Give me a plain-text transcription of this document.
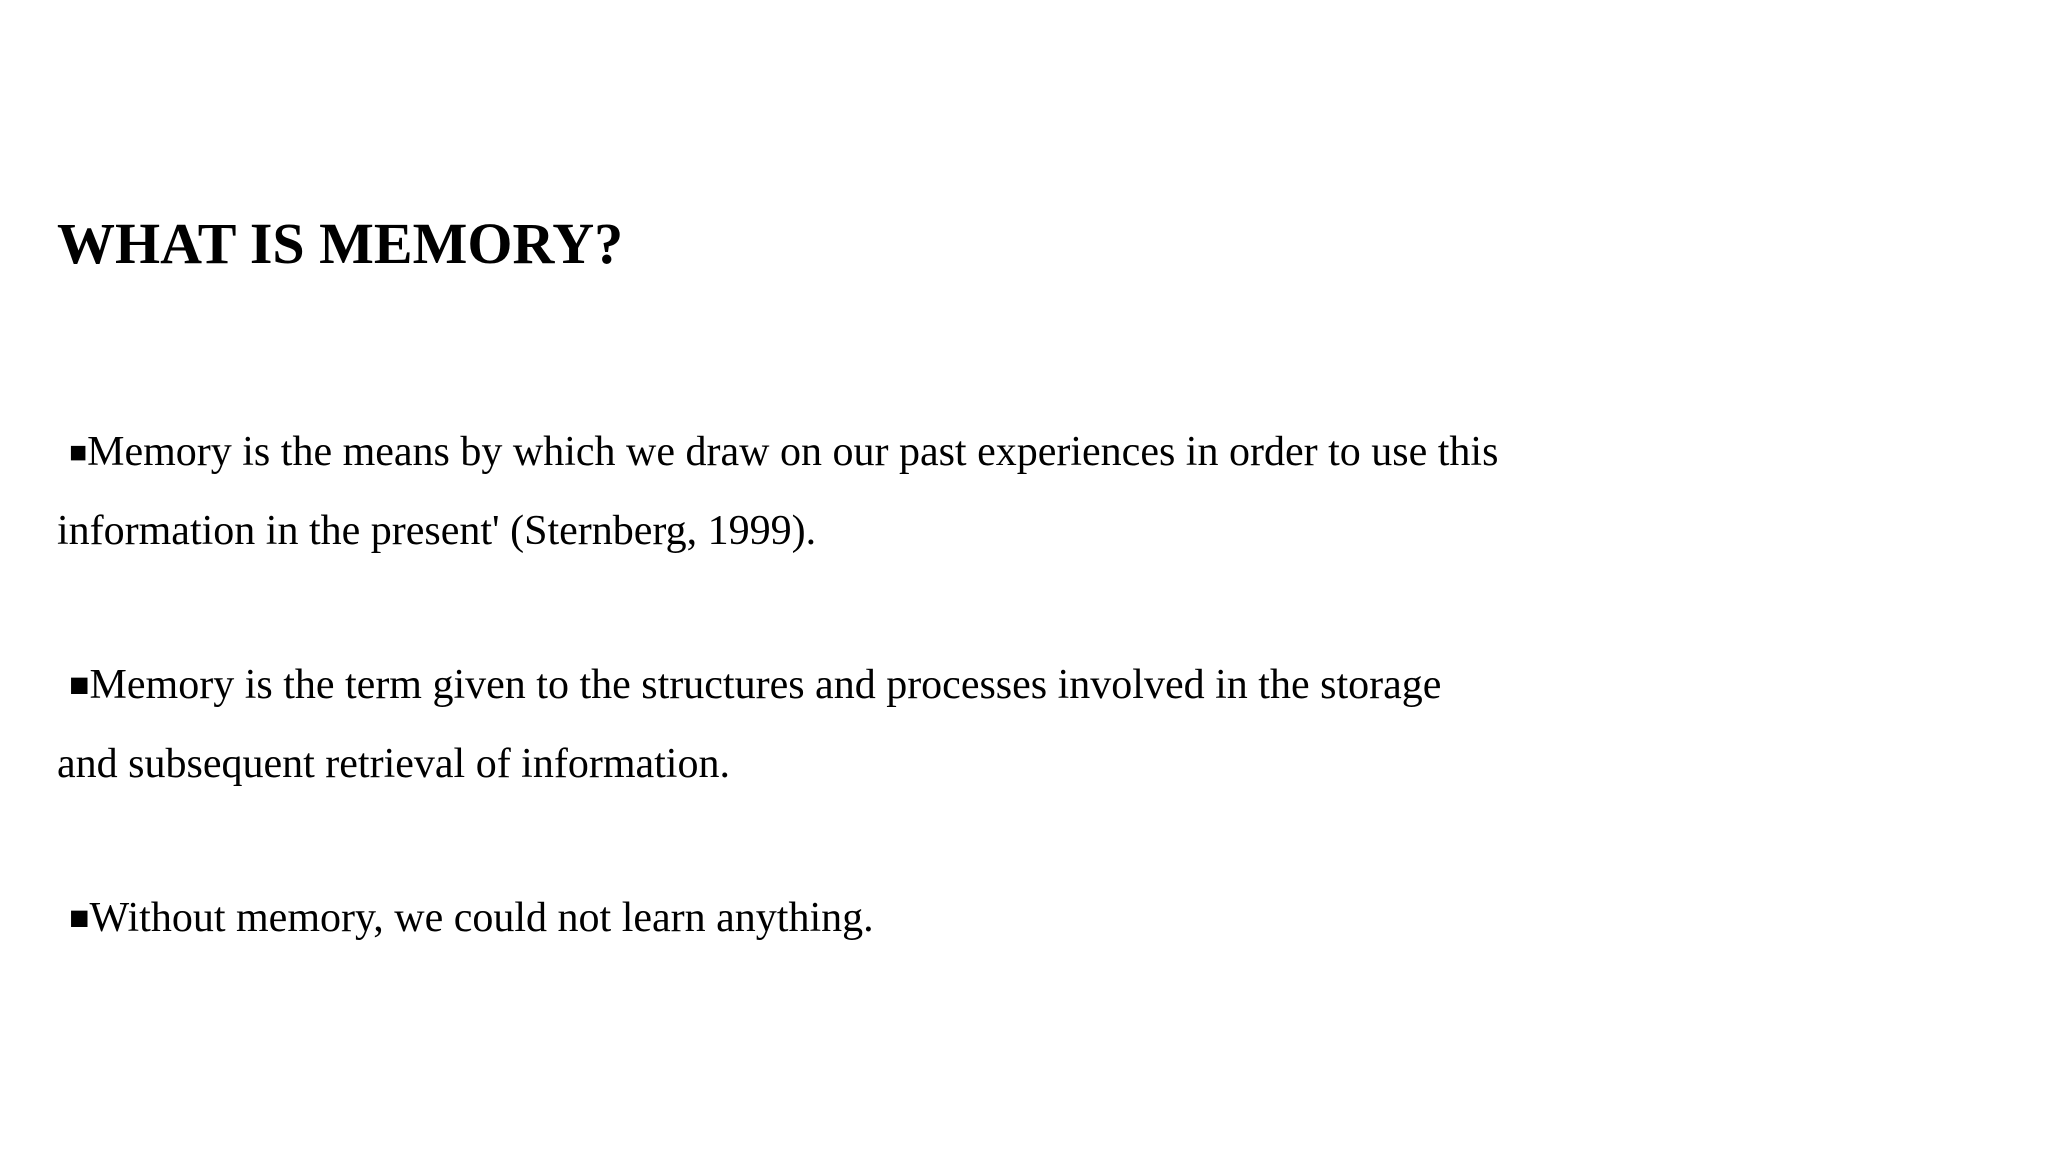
WHAT IS MEMORY?

■Memory is the means by which we draw on our past experiences in order to use this
information in the present' (Sternberg, 1999).

■Memory is the term given to the structures and processes involved in the storage
and subsequent retrieval of information.

■Without memory, we could not learn anything.
